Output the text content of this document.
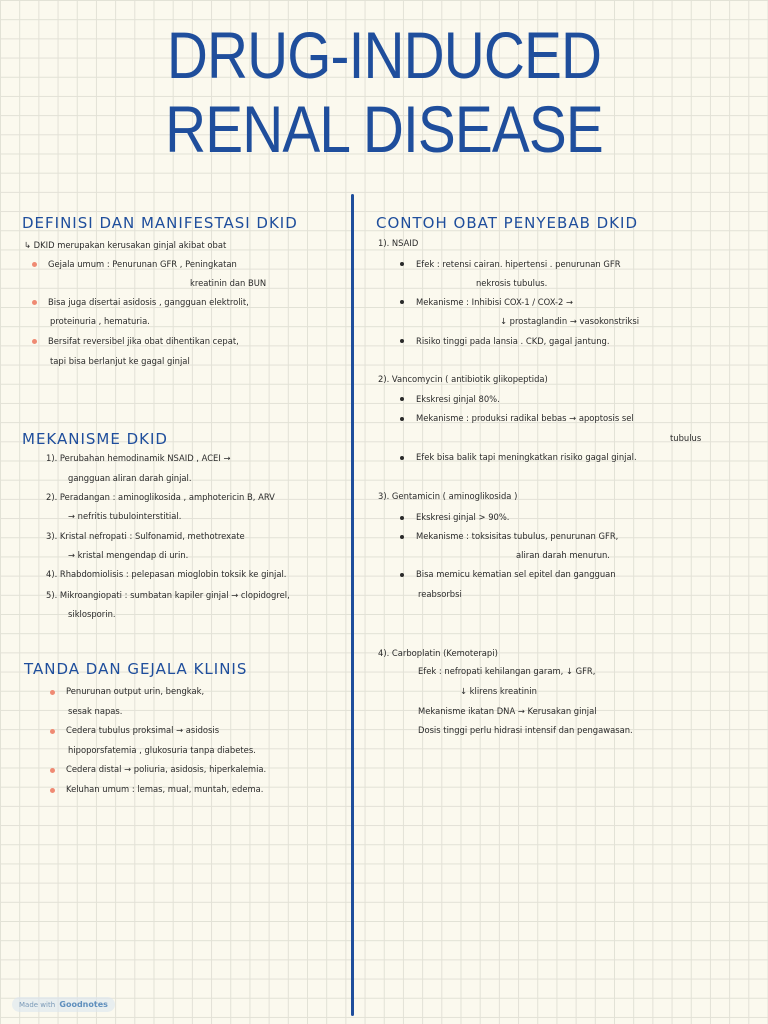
DRUG-INDUCED
RENAL DISEASE
DEFINISI DAN MANIFESTASI DKID
↳ DKID merupakan kerusakan ginjal akibat obat
Gejala umum : Penurunan GFR , Peningkatan
kreatinin dan BUN
Bisa juga disertai asidosis , gangguan elektrolit,
proteinuria , hematuria.
Bersifat reversibel jika obat dihentikan cepat,
tapi bisa berlanjut ke gagal ginjal
MEKANISME DKID
1). Perubahan hemodinamik NSAID , ACEI →
gangguan aliran darah ginjal.
2). Peradangan : aminoglikosida , amphotericin B, ARV
→ nefritis tubulointerstitial.
3). Kristal nefropati : Sulfonamid, methotrexate
→ kristal mengendap di urin.
4). Rhabdomiolisis : pelepasan mioglobin toksik ke ginjal.
5). Mikroangiopati : sumbatan kapiler ginjal → clopidogrel,
siklosporin.
TANDA DAN GEJALA KLINIS
Penurunan output urin, bengkak,
sesak napas.
Cedera tubulus proksimal → asidosis
hipoporsfatemia , glukosuria tanpa diabetes.
Cedera distal → poliuria, asidosis, hiperkalemia.
Keluhan umum : lemas, mual, muntah, edema.
CONTOH OBAT PENYEBAB DKID
1). NSAID
Efek : retensi cairan. hipertensi . penurunan GFR
nekrosis tubulus.
Mekanisme : Inhibisi COX-1 / COX-2 →
↓ prostaglandin → vasokonstriksi
Risiko tinggi pada lansia . CKD, gagal jantung.
2). Vancomycin ( antibiotik glikopeptida)
Ekskresi ginjal 80%.
Mekanisme : produksi radikal bebas → apoptosis sel
tubulus
Efek bisa balik tapi meningkatkan risiko gagal ginjal.
3). Gentamicin ( aminoglikosida )
Ekskresi ginjal > 90%.
Mekanisme : toksisitas tubulus, penurunan GFR,
aliran darah menurun.
Bisa memicu kematian sel epitel dan gangguan
reabsorbsi
4). Carboplatin (Kemoterapi)
Efek : nefropati kehilangan garam, ↓ GFR,
↓ klirens kreatinin
Mekanisme ikatan DNA → Kerusakan ginjal
Dosis tinggi perlu hidrasi intensif dan pengawasan.
Made with Goodnotes
